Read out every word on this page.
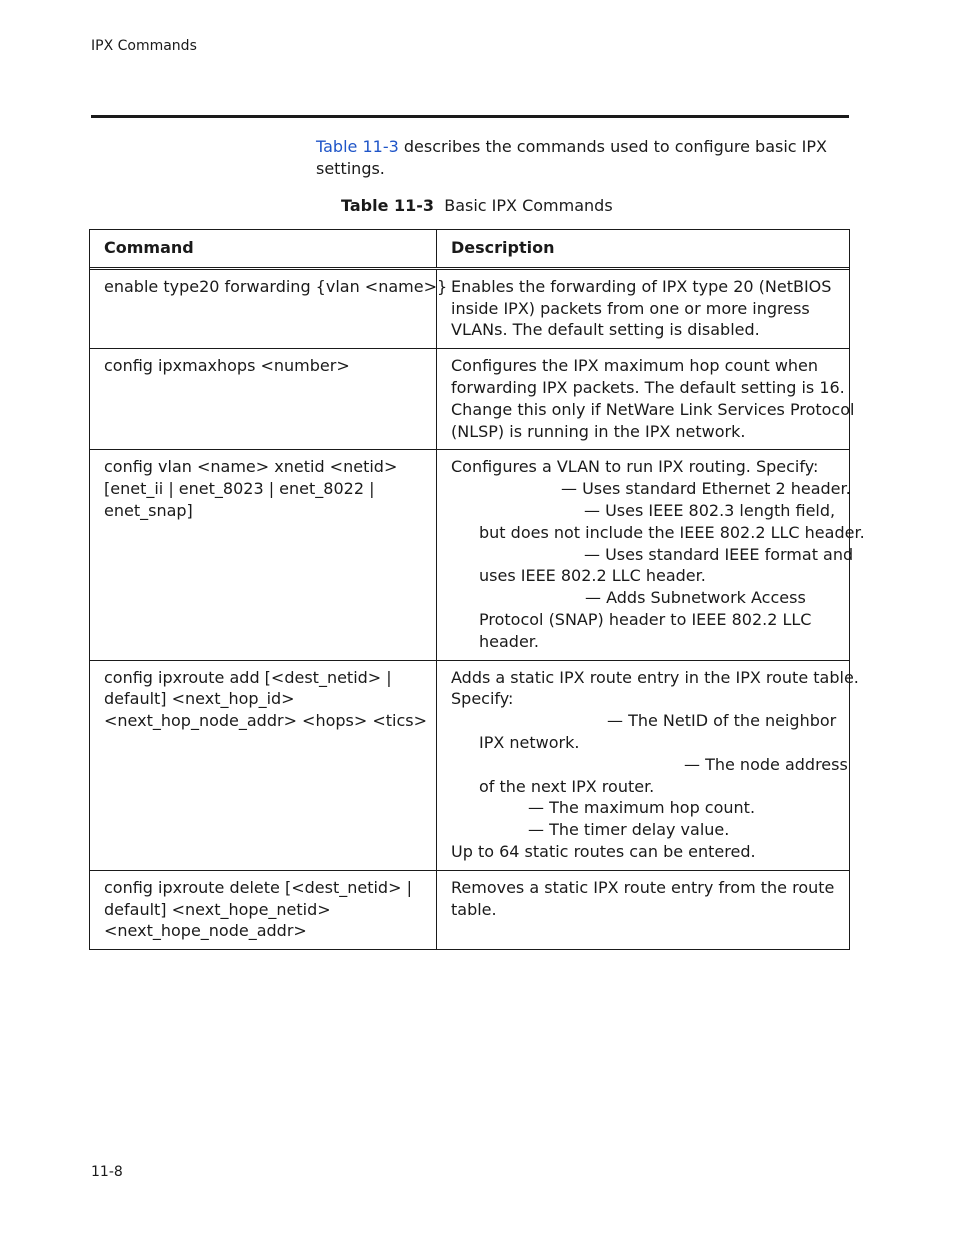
IPX Commands
Table 11-3 describes the commands used to configure basic IPX
settings.
Table 11-3 Basic IPX Commands
Command	Description
enable type20 forwarding {vlan <name>} Enables the forwarding of IPX type 20 (NetBIOS
inside IPX) packets from one or more ingress
VLANs. The default setting is disabled.
config ipxmaxhops <number>	Configures the IPX maximum hop count when
forwarding IPX packets. The default setting is 16.
Change this only if NetWare Link Services Protocol
(NLSP) is running in the IPX network.
config vlan <name> xnetid <netid>
[enet_ii | enet_8023 | enet_8022 |
enet_snap]
Configures a VLAN to run IPX routing. Specify:
— Uses standard Ethernet 2 header.
— Uses IEEE 802.3 length field,
but does not include the IEEE 802.2 LLC header.
— Uses standard IEEE format and
uses IEEE 802.2 LLC header.
— Adds Subnetwork Access
Protocol (SNAP) header to IEEE 802.2 LLC
header.
config ipxroute add [<dest_netid> |
default] <next_hop_id>
<next_hop_node_addr> <hops> <tics>
Adds a static IPX route entry in the IPX route table.
Specify:
— The NetID of the neighbor
IPX network.
— The node address
of the next IPX router.
— The maximum hop count.
— The timer delay value.
Up to 64 static routes can be entered.
config ipxroute delete [<dest_netid> |
default] <next_hope_netid>
<next_hope_node_addr>
Removes a static IPX route entry from the route
table.
11-8
